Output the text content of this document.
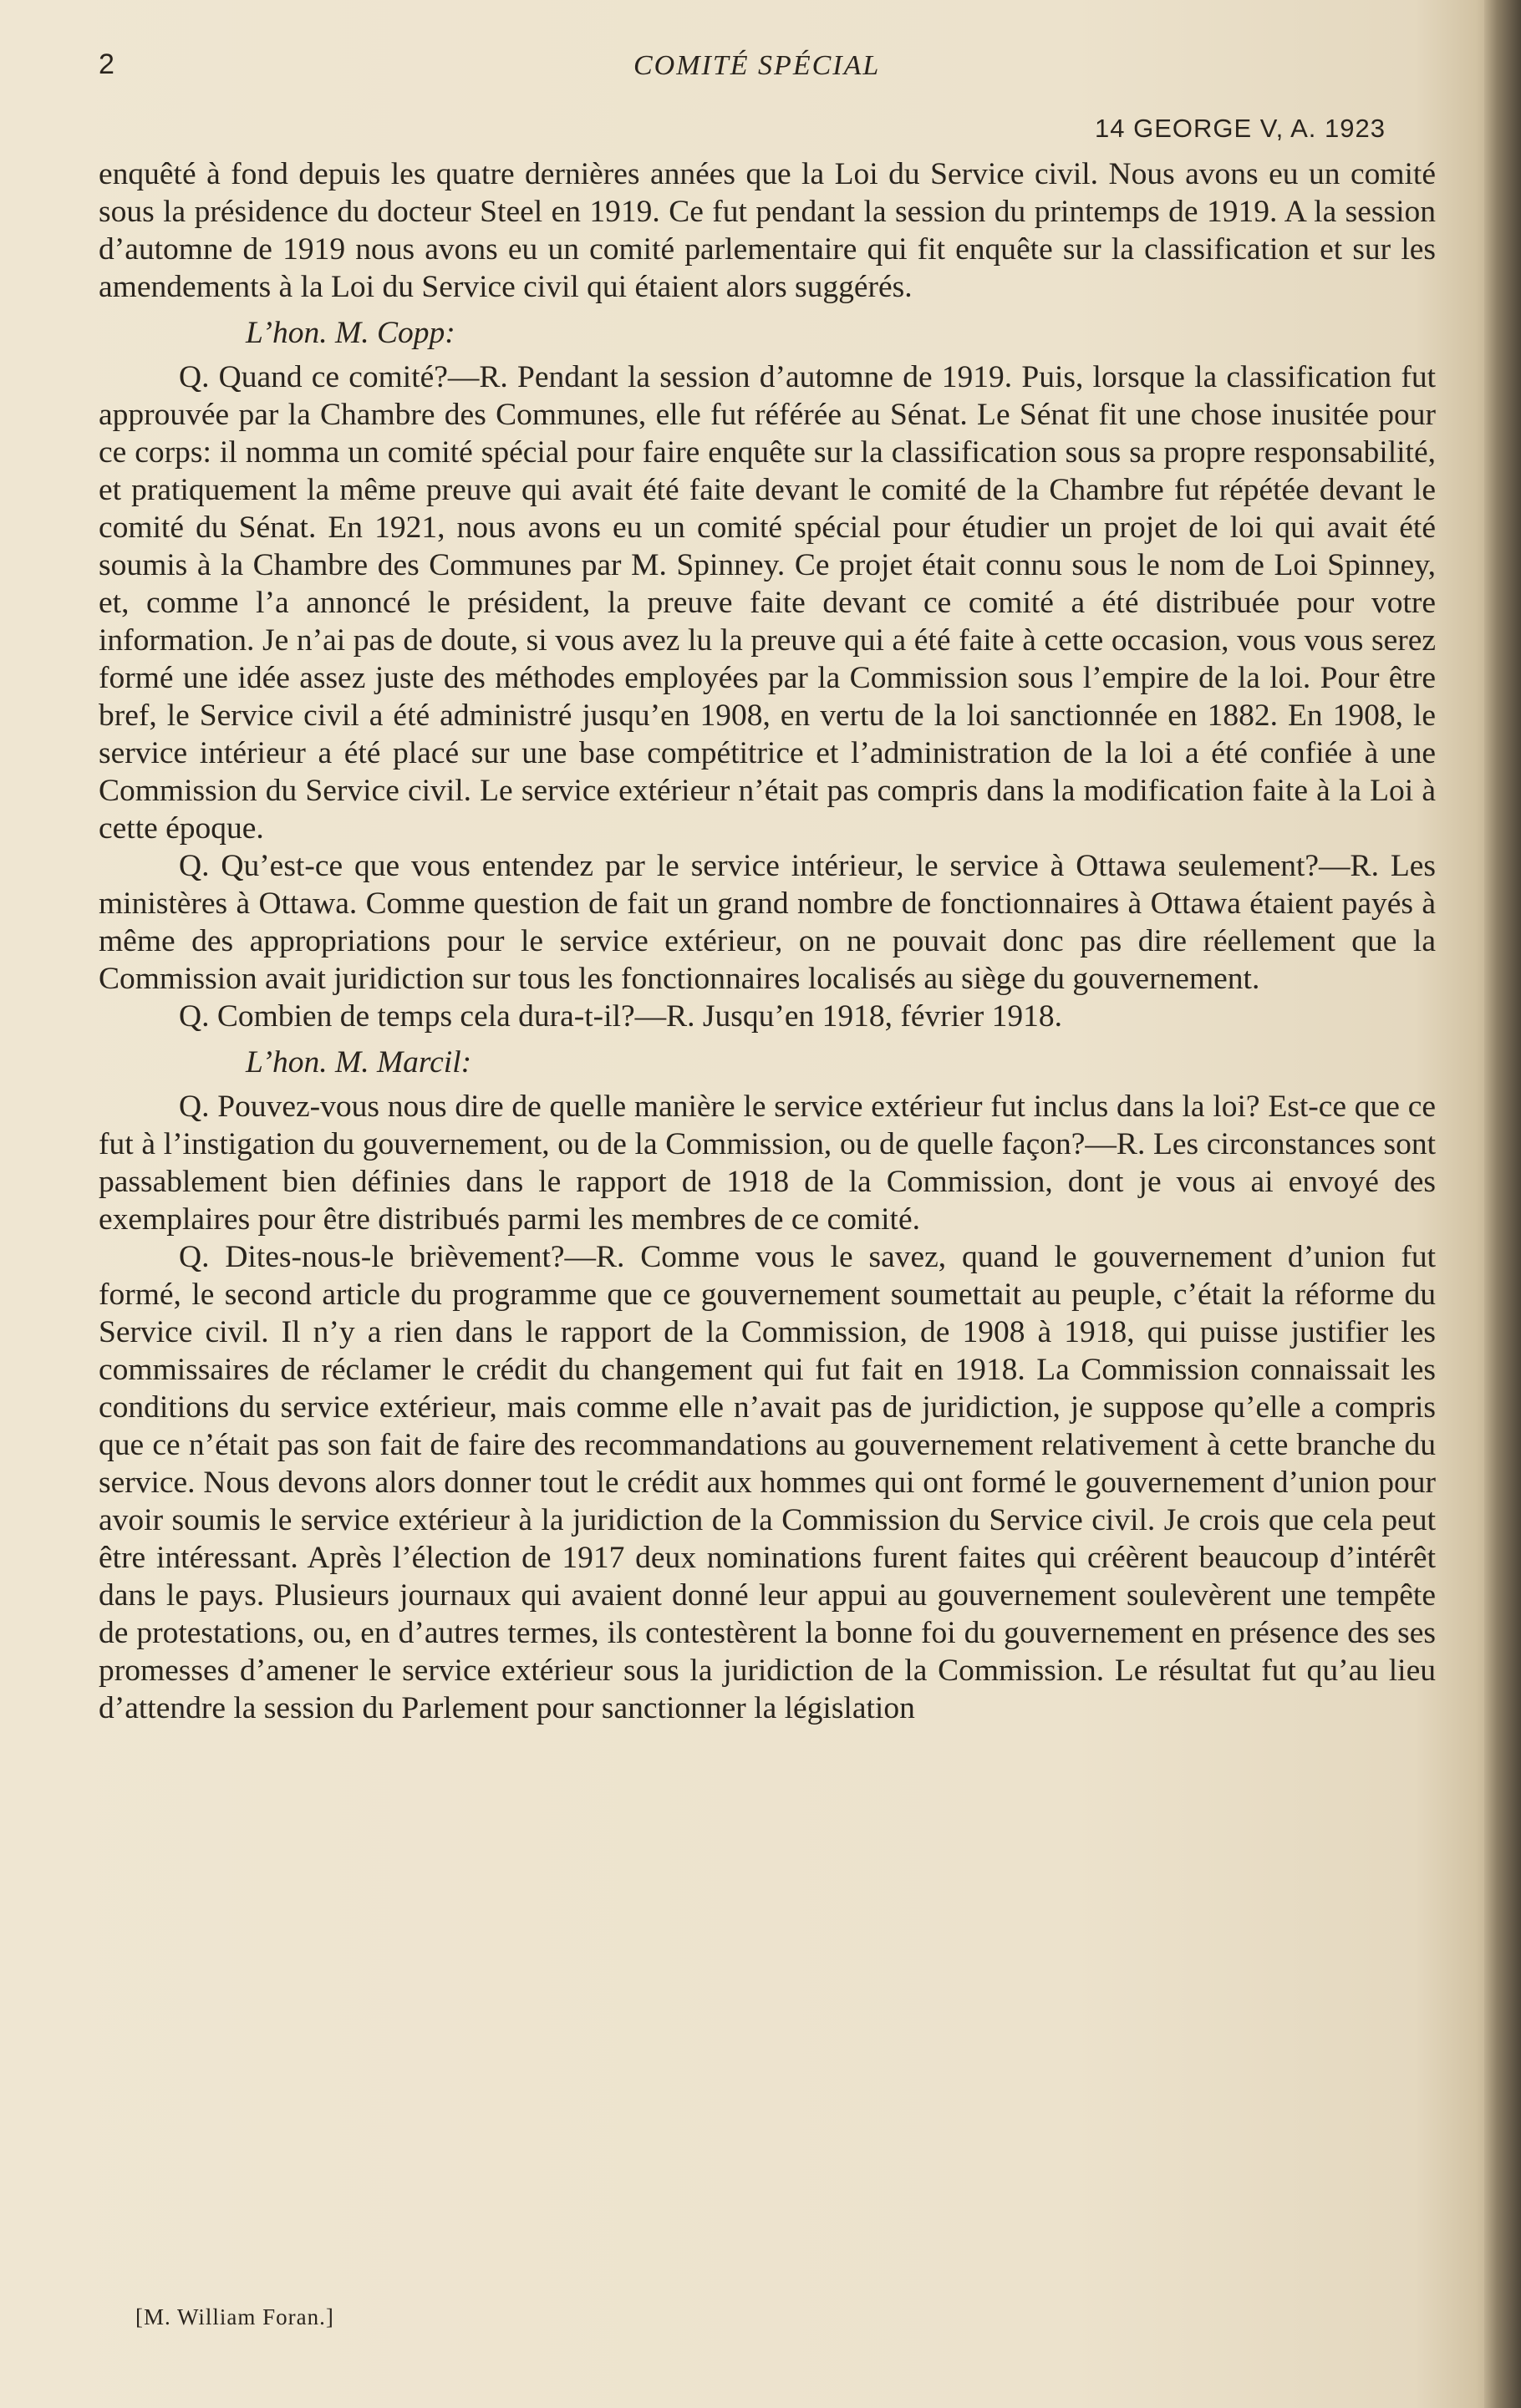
2	COMITÉ SPÉCIAL
14 GEORGE V, A. 1923

enquêté à fond depuis les quatre dernières années que la Loi du Service civil. Nous avons eu un comité sous la présidence du docteur Steel en 1919. Ce fut pendant la session du printemps de 1919. A la session d’automne de 1919 nous avons eu un comité parlementaire qui fit enquête sur la classification et sur les amendements à la Loi du Service civil qui étaient alors suggérés.

L’hon. M. Copp:

Q. Quand ce comité?—R. Pendant la session d’automne de 1919. Puis, lorsque la classification fut approuvée par la Chambre des Communes, elle fut référée au Sénat. Le Sénat fit une chose inusitée pour ce corps: il nomma un comité spécial pour faire enquête sur la classification sous sa propre responsabilité, et pratiquement la même preuve qui avait été faite devant le comité de la Chambre fut répétée devant le comité du Sénat. En 1921, nous avons eu un comité spécial pour étudier un projet de loi qui avait été soumis à la Chambre des Communes par M. Spinney. Ce projet était connu sous le nom de Loi Spinney, et, comme l’a annoncé le président, la preuve faite devant ce comité a été distribuée pour votre information. Je n’ai pas de doute, si vous avez lu la preuve qui a été faite à cette occasion, vous vous serez formé une idée assez juste des méthodes employées par la Commission sous l’empire de la loi. Pour être bref, le Service civil a été administré jusqu’en 1908, en vertu de la loi sanctionnée en 1882. En 1908, le service intérieur a été placé sur une base compétitrice et l’administration de la loi a été confiée à une Commission du Service civil. Le service extérieur n’était pas compris dans la modification faite à la Loi à cette époque.

Q. Qu’est-ce que vous entendez par le service intérieur, le service à Ottawa seulement?—R. Les ministères à Ottawa. Comme question de fait un grand nombre de fonctionnaires à Ottawa étaient payés à même des appropriations pour le service extérieur, on ne pouvait donc pas dire réellement que la Commission avait juridiction sur tous les fonctionnaires localisés au siège du gouvernement.

Q. Combien de temps cela dura-t-il?—R. Jusqu’en 1918, février 1918.

L’hon. M. Marcil:

Q. Pouvez-vous nous dire de quelle manière le service extérieur fut inclus dans la loi? Est-ce que ce fut à l’instigation du gouvernement, ou de la Commission, ou de quelle façon?—R. Les circonstances sont passablement bien définies dans le rapport de 1918 de la Commission, dont je vous ai envoyé des exemplaires pour être distribués parmi les membres de ce comité.

Q. Dites-nous-le brièvement?—R. Comme vous le savez, quand le gouvernement d’union fut formé, le second article du programme que ce gouvernement soumettait au peuple, c’était la réforme du Service civil. Il n’y a rien dans le rapport de la Commission, de 1908 à 1918, qui puisse justifier les commissaires de réclamer le crédit du changement qui fut fait en 1918. La Commission connaissait les conditions du service extérieur, mais comme elle n’avait pas de juridiction, je suppose qu’elle a compris que ce n’était pas son fait de faire des recommandations au gouvernement relativement à cette branche du service. Nous devons alors donner tout le crédit aux hommes qui ont formé le gouvernement d’union pour avoir soumis le service extérieur à la juridiction de la Commission du Service civil. Je crois que cela peut être intéressant. Après l’élection de 1917 deux nominations furent faites qui créèrent beaucoup d’intérêt dans le pays. Plusieurs journaux qui avaient donné leur appui au gouvernement soulevèrent une tempête de protestations, ou, en d’autres termes, ils contestèrent la bonne foi du gouvernement en présence des ses promesses d’amener le service extérieur sous la juridiction de la Commission. Le résultat fut qu’au lieu d’attendre la session du Parlement pour sanctionner la législation

[M. William Foran.]
